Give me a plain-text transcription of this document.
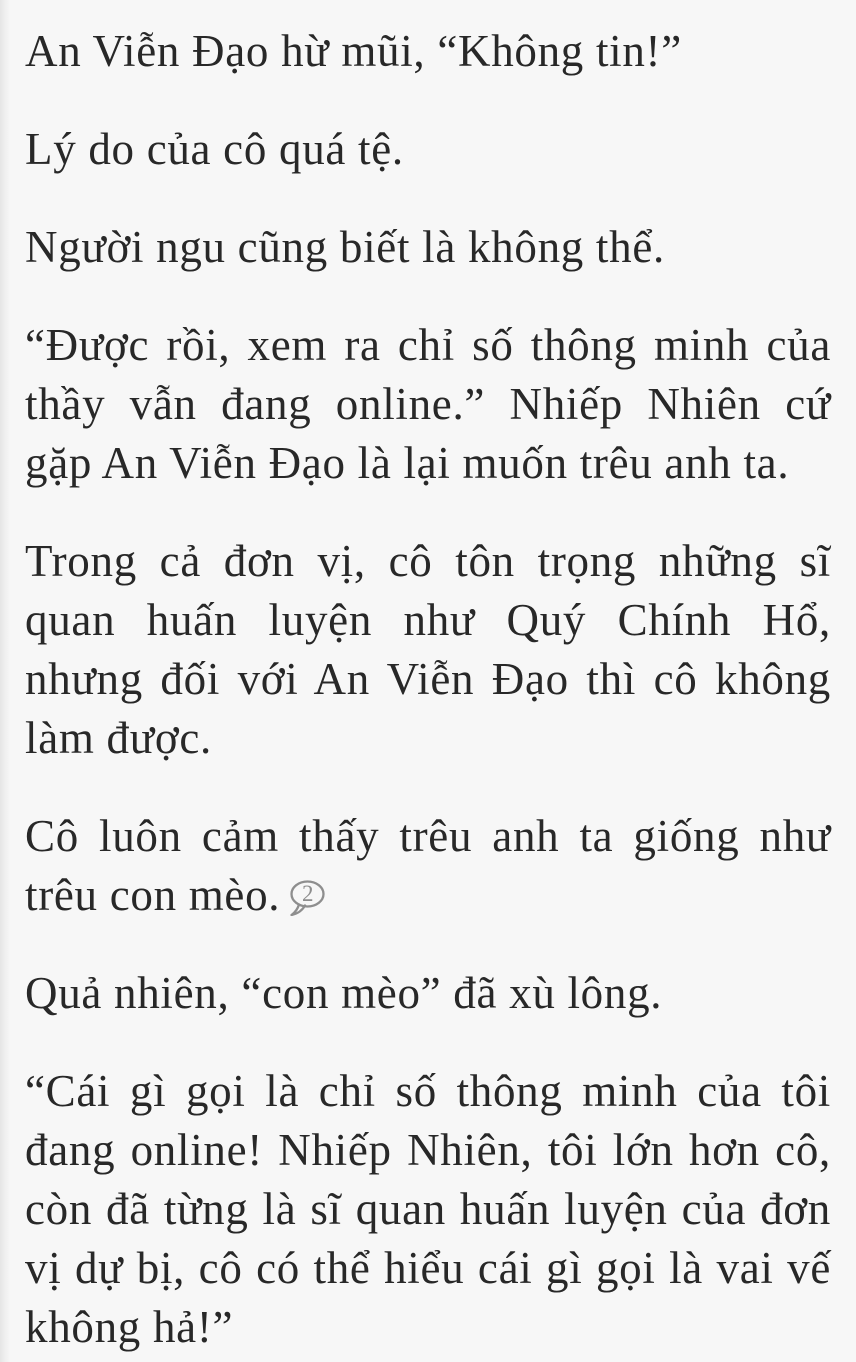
An Viễn Đạo hừ mũi, “Không tin!”

Lý do của cô quá tệ.

Người ngu cũng biết là không thể.

“Được rồi, xem ra chỉ số thông minh của thầy vẫn đang online.” Nhiếp Nhiên cứ gặp An Viễn Đạo là lại muốn trêu anh ta.

Trong cả đơn vị, cô tôn trọng những sĩ quan huấn luyện như Quý Chính Hổ, nhưng đối với An Viễn Đạo thì cô không làm được.

Cô luôn cảm thấy trêu anh ta giống như trêu con mèo. 2

Quả nhiên, “con mèo” đã xù lông.

“Cái gì gọi là chỉ số thông minh của tôi đang online! Nhiếp Nhiên, tôi lớn hơn cô, còn đã từng là sĩ quan huấn luyện của đơn vị dự bị, cô có thể hiểu cái gì gọi là vai vế không hả!”
